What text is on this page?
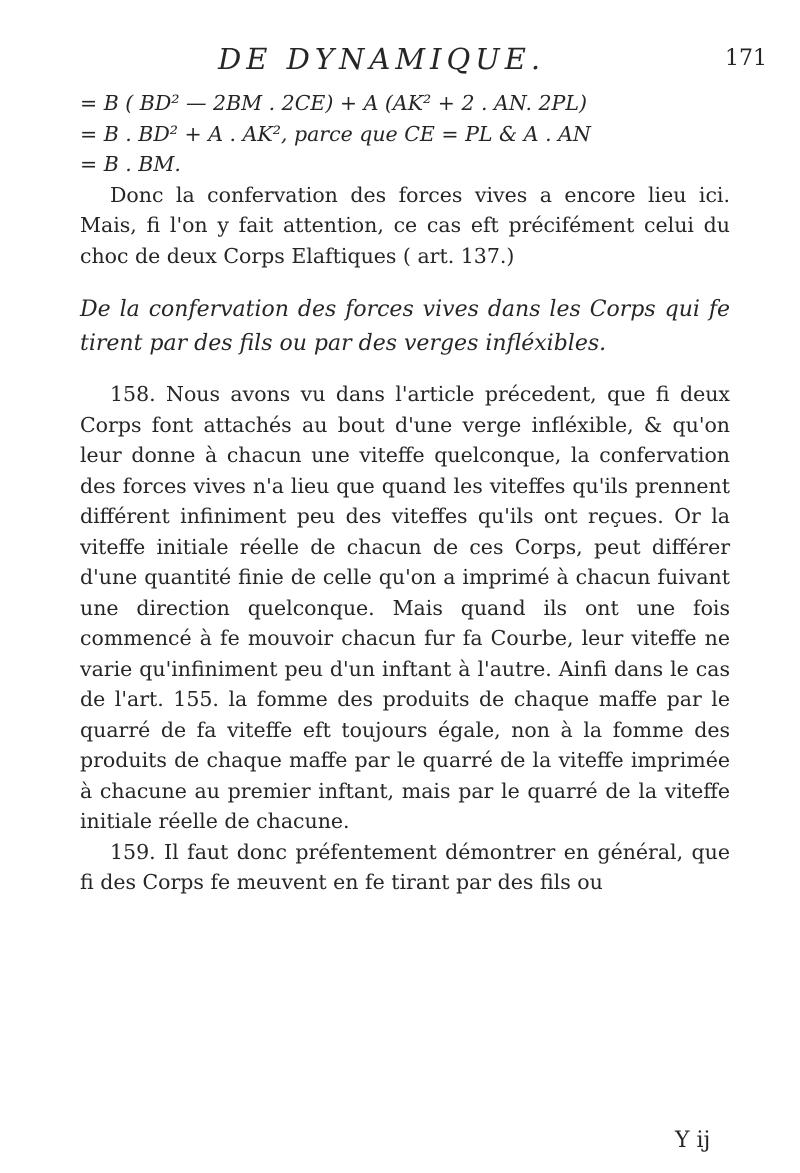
DE DYNAMIQUE.	171
= B ( BD² — 2BM . 2CE) + A (AK² + 2 . AN. 2PL)
= B . BD² + A . AK², parce que CE = PL & A . AN
= B . BM.

Donc la confervation des forces vives a encore lieu ici. Mais, fi l'on y fait attention, ce cas eft précifément celui du choc de deux Corps Elaftiques ( art. 137.)

De la confervation des forces vives dans les Corps qui fe tirent par des fils ou par des verges infléxibles.

158. Nous avons vu dans l'article précedent, que fi deux Corps font attachés au bout d'une verge infléxible, & qu'on leur donne à chacun une viteffe quelconque, la confervation des forces vives n'a lieu que quand les viteffes qu'ils prennent différent infiniment peu des viteffes qu'ils ont reçues. Or la viteffe initiale réelle de chacun de ces Corps, peut différer d'une quantité finie de celle qu'on a imprimé à chacun fuivant une direction quelconque. Mais quand ils ont une fois commencé à fe mouvoir chacun fur fa Courbe, leur viteffe ne varie qu'infiniment peu d'un inftant à l'autre. Ainfi dans le cas de l'art. 155. la fomme des produits de chaque maffe par le quarré de fa viteffe eft toujours égale, non à la fomme des produits de chaque maffe par le quarré de la viteffe imprimée à chacune au premier inftant, mais par le quarré de la viteffe initiale réelle de chacune.

159. Il faut donc préfentement démontrer en général, que fi des Corps fe meuvent en fe tirant par des fils ou

Y ij
